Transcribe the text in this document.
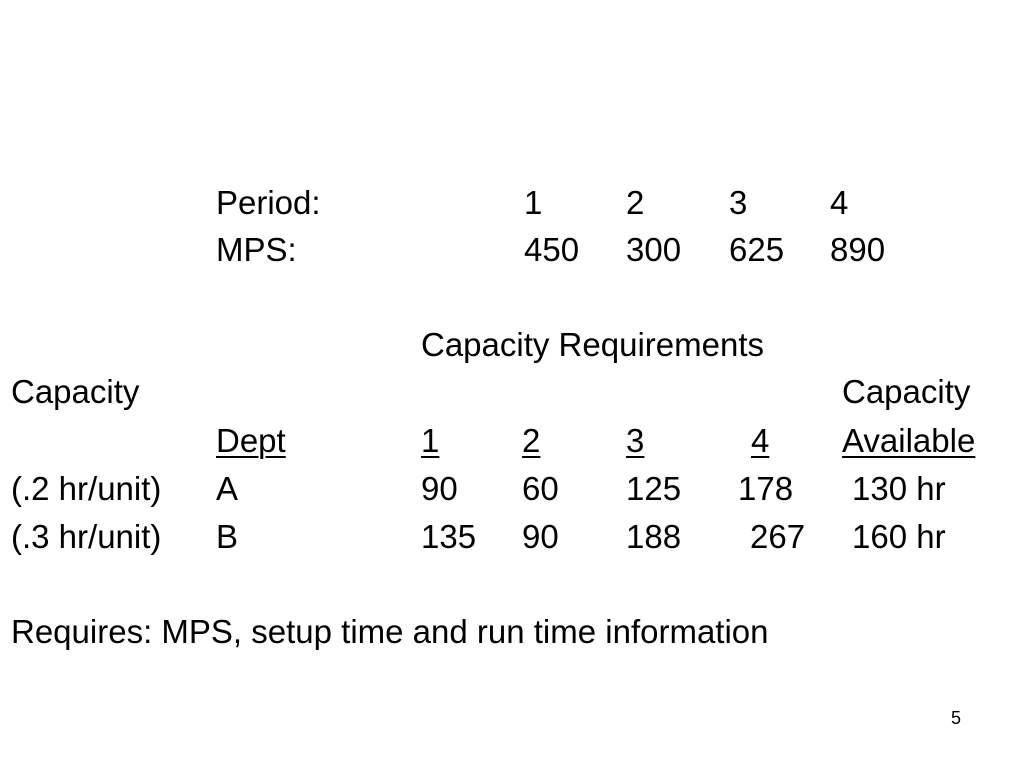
Period:	1	2	3	4
MPS:	450 300 625 890
Capacity Requirements
Capacity	Capacity
Dept	1	2	3	4 Available
(.2 hr/unit) A	90 60 125 178 130 hr
(.3 hr/unit) B	135 90 188 267 160 hr
Requires: MPS, setup time and run time information
5
